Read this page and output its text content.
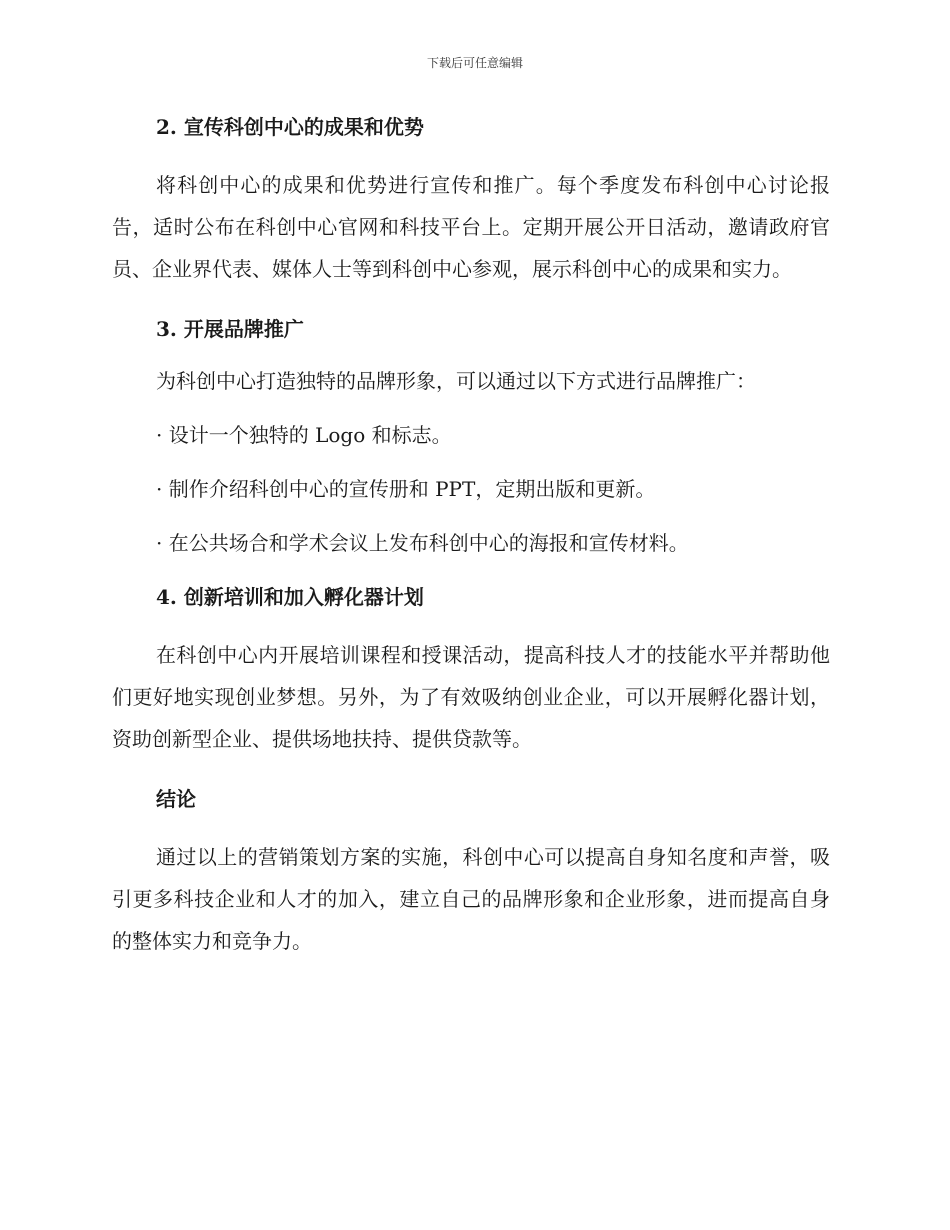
下载后可任意编辑
2. 宣传科创中心的成果和优势

将科创中心的成果和优势进行宣传和推广。每个季度发布科创中心讨论报告，适时公布在科创中心官网和科技平台上。定期开展公开日活动，邀请政府官员、企业界代表、媒体人士等到科创中心参观，展示科创中心的成果和实力。

3. 开展品牌推广

为科创中心打造独特的品牌形象，可以通过以下方式进行品牌推广：

· 设计一个独特的 Logo 和标志。

· 制作介绍科创中心的宣传册和 PPT，定期出版和更新。

· 在公共场合和学术会议上发布科创中心的海报和宣传材料。

4. 创新培训和加入孵化器计划

在科创中心内开展培训课程和授课活动，提高科技人才的技能水平并帮助他们更好地实现创业梦想。另外，为了有效吸纳创业企业，可以开展孵化器计划，资助创新型企业、提供场地扶持、提供贷款等。

结论

通过以上的营销策划方案的实施，科创中心可以提高自身知名度和声誉，吸引更多科技企业和人才的加入，建立自己的品牌形象和企业形象，进而提高自身的整体实力和竞争力。
